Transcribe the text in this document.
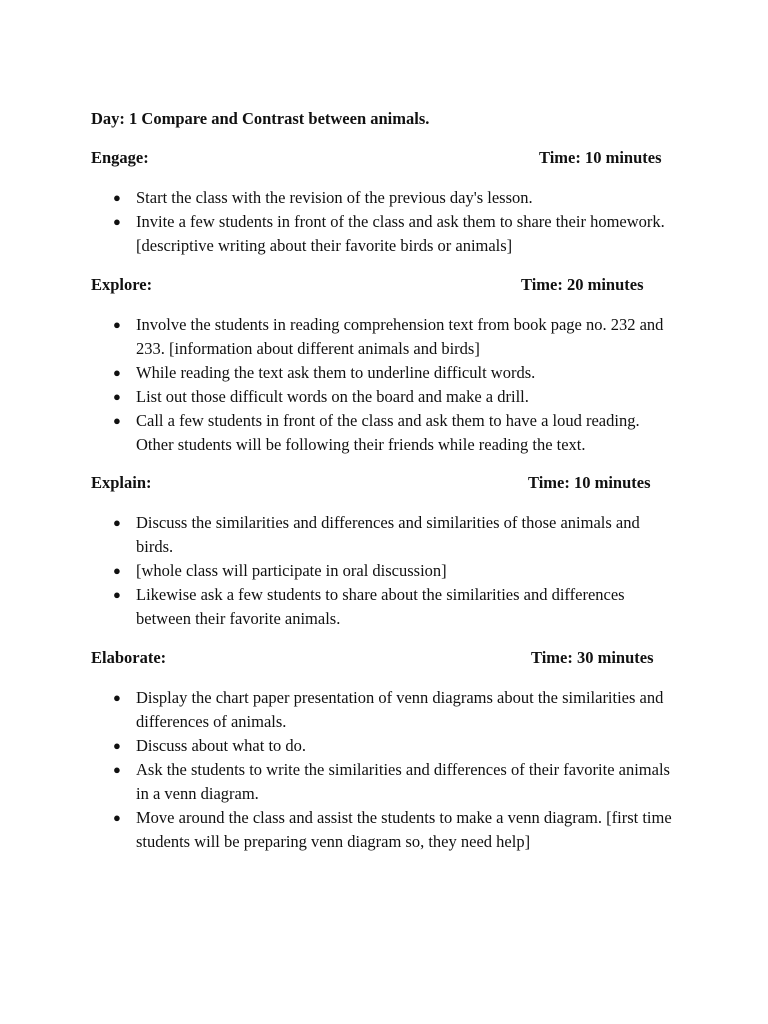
Day: 1 Compare and Contrast between animals.
Engage:	Time: 10 minutes
● Start the class with the revision of the previous day's lesson.
● Invite a few students in front of the class and ask them to share their homework. [descriptive writing about their favorite birds or animals]
Explore:	Time: 20 minutes
● Involve the students in reading comprehension text from book page no. 232 and 233. [information about different animals and birds]
● While reading the text ask them to underline difficult words.
● List out those difficult words on the board and make a drill.
● Call a few students in front of the class and ask them to have a loud reading. Other students will be following their friends while reading the text.
Explain:	Time: 10 minutes
● Discuss the similarities and differences and similarities of those animals and birds.
● [whole class will participate in oral discussion]
● Likewise ask a few students to share about the similarities and differences between their favorite animals.
Elaborate:	Time: 30 minutes
● Display the chart paper presentation of venn diagrams about the similarities and differences of animals.
● Discuss about what to do.
● Ask the students to write the similarities and differences of their favorite animals in a venn diagram.
● Move around the class and assist the students to make a venn diagram. [first time students will be preparing venn diagram so, they need help]
